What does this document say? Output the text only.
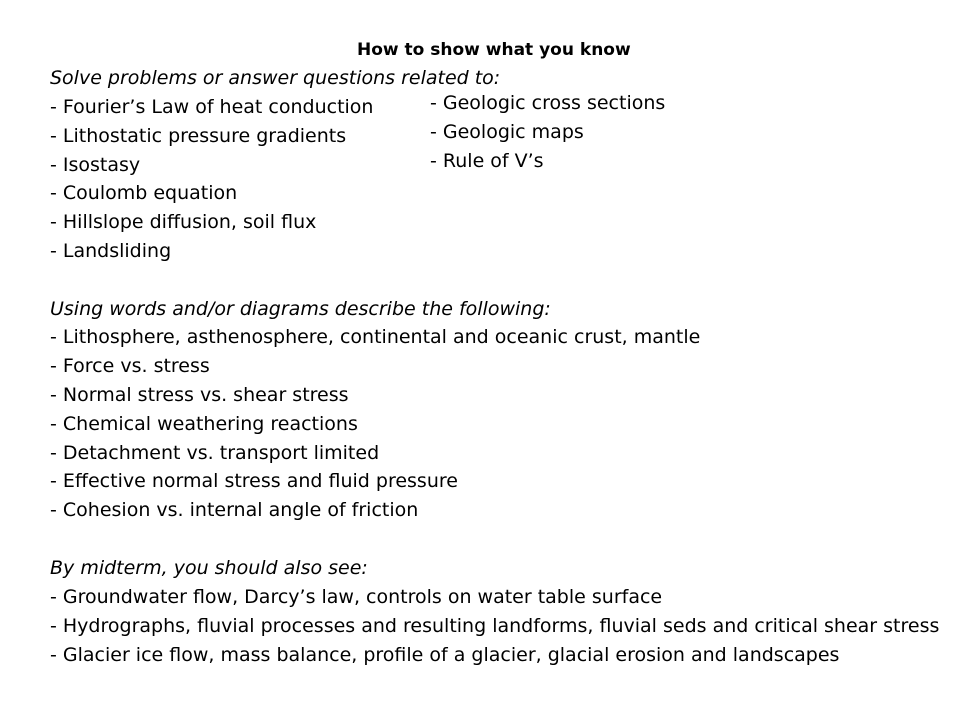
How to show what you know
Solve problems or answer questions related to:
- Fourier’s Law of heat conduction
- Lithostatic pressure gradients
- Isostasy
- Coulomb equation
- Hillslope diffusion, soil flux
- Landsliding
- Geologic cross sections
- Geologic maps
- Rule of V’s
Using words and/or diagrams describe the following:
- Lithosphere, asthenosphere, continental and oceanic crust, mantle
- Force vs. stress
- Normal stress vs. shear stress
- Chemical weathering reactions
- Detachment vs. transport limited
- Effective normal stress and fluid pressure
- Cohesion vs. internal angle of friction
By midterm, you should also see:
- Groundwater flow, Darcy’s law, controls on water table surface
- Hydrographs, fluvial processes and resulting landforms, fluvial seds and critical shear stress
- Glacier ice flow, mass balance, profile of a glacier, glacial erosion and landscapes
